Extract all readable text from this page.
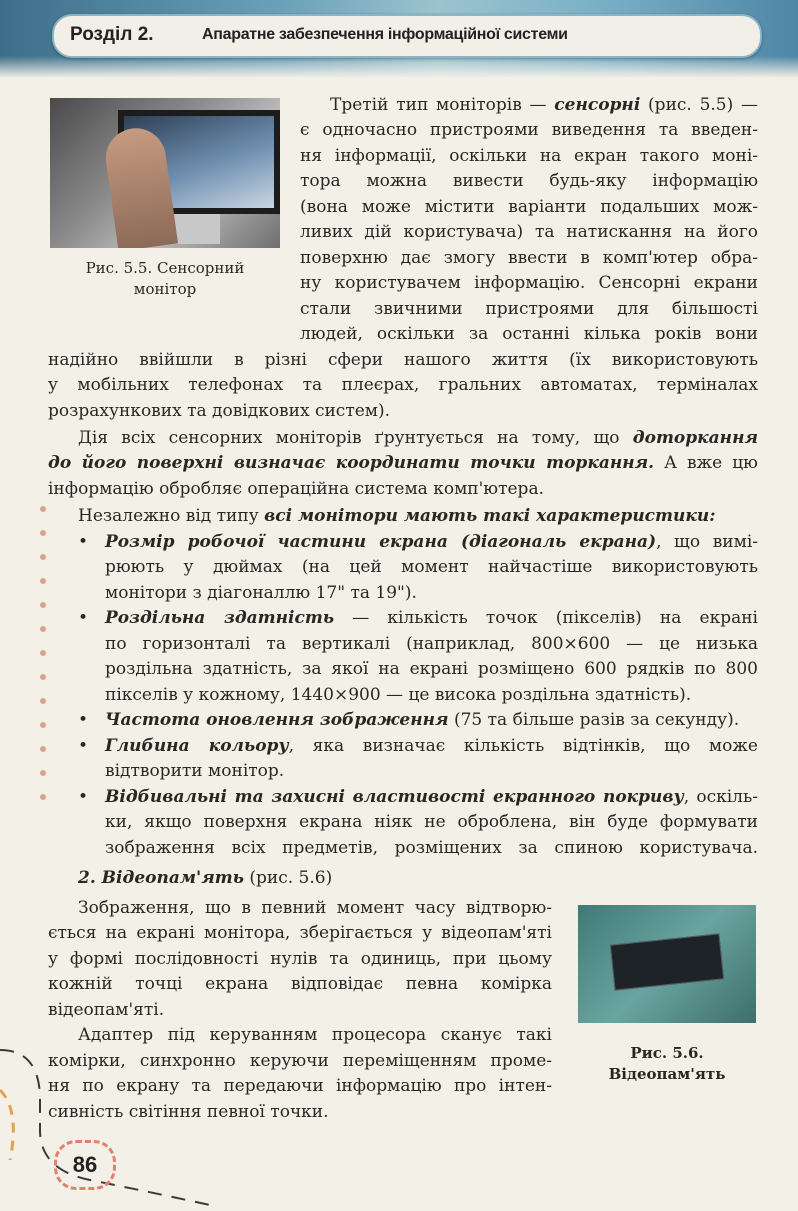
Розділ 2.	Апаратне забезпечення інформаційної системи
Рис. 5.5. Сенсорний
монітор

Третій тип моніторів — сенсорні (рис. 5.5) —

є одночасно пристроями виведення та введен-

ня інформації, оскільки на екран такого моні-

тора можна вивести будь-яку інформацію

(вона може містити варіанти подальших мож-

ливих дій користувача) та натискання на його

поверхню дає змогу ввести в комп'ютер обра-

ну користувачем інформацію. Сенсорні екрани

стали звичними пристроями для більшості

людей, оскільки за останні кілька років вони

надійно ввійшли в різні сфери нашого життя (їх використовують

у мобільних телефонах та плеєрах, гральних автоматах, терміналах

розрахункових та довідкових систем).

Дія всіх сенсорних моніторів ґрунтується на тому, що доторкання

до його поверхні визначає координати точки торкання. А вже цю

інформацію обробляє операційна система комп'ютера.

Незалежно від типу всі монітори мають такі характеристики:

• Розмір робочої частини екрана (діагональ екрана), що вимі-

рюють у дюймах (на цей момент найчастіше використовують

монітори з діагоналлю 17" та 19").

• Роздільна здатність — кількість точок (пікселів) на екрані

по горизонталі та вертикалі (наприклад, 800×600 — це низька

роздільна здатність, за якої на екрані розміщено 600 рядків по 800

пікселів у кожному, 1440×900 — це висока роздільна здатність).

• Частота оновлення зображення (75 та більше разів за секунду).

• Глибина кольору, яка визначає кількість відтінків, що може

відтворити монітор.

• Відбивальні та захисні властивості екранного покриву, оскіль-

ки, якщо поверхня екрана ніяк не оброблена, він буде формувати

зображення всіх предметів, розміщених за спиною користувача.

2. Відеопам'ять (рис. 5.6)

Рис. 5.6.
Відеопам'ять

Зображення, що в певний момент часу відтворю-

ється на екрані монітора, зберігається у відеопам'яті

у формі послідовності нулів та одиниць, при цьому

кожній точці екрана відповідає певна комірка

відеопам'яті.

Адаптер під керуванням процесора сканує такі

комірки, синхронно керуючи переміщенням проме-

ня по екрану та передаючи інформацію про інтен-

сивність світіння певної точки.

86
